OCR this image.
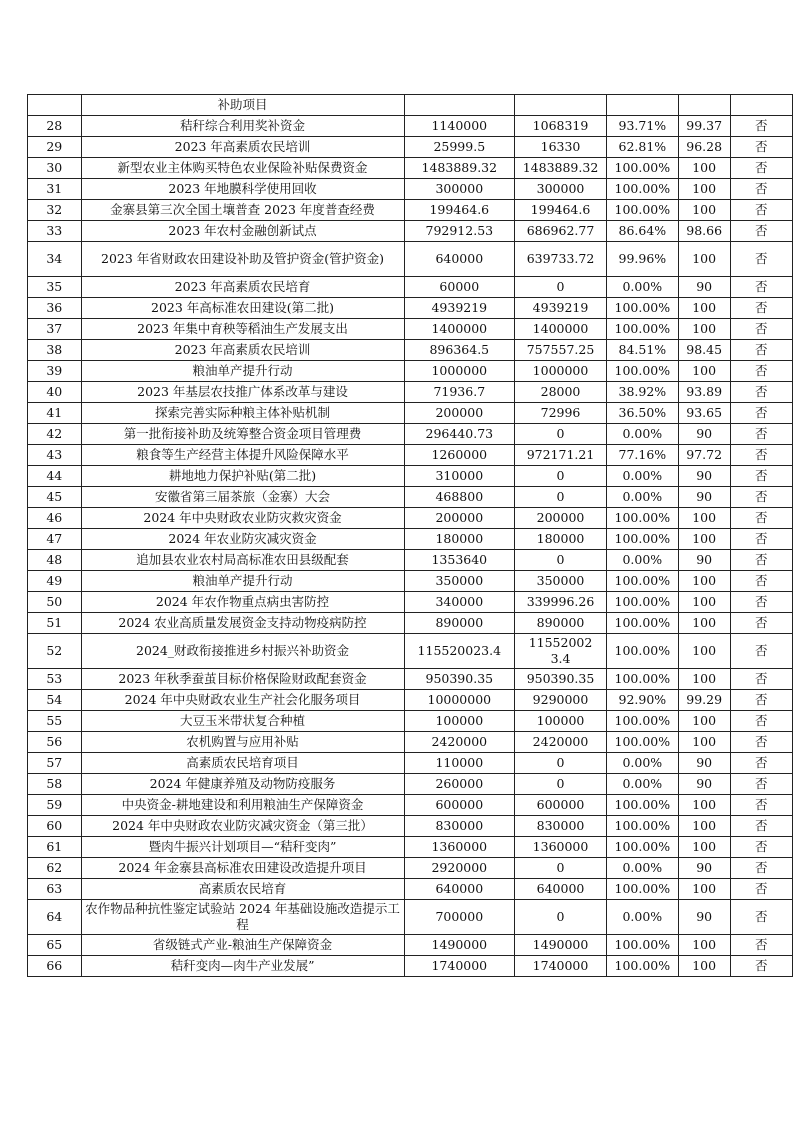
	补助项目					
28	秸秆综合利用奖补资金	1140000	1068319	93.71%	99.37	否
29	2023 年高素质农民培训	25999.5	16330	62.81%	96.28	否
30	新型农业主体购买特色农业保险补贴保费资金	1483889.32	1483889.32	100.00%	100	否
31	2023 年地膜科学使用回收	300000	300000	100.00%	100	否
32	金寨县第三次全国土壤普查 2023 年度普查经费	199464.6	199464.6	100.00%	100	否
33	2023 年农村金融创新试点	792912.53	686962.77	86.64%	98.66	否
34	2023 年省财政农田建设补助及管护资金(管护资金)	640000	639733.72	99.96%	100	否
35	2023 年高素质农民培育	60000	0	0.00%	90	否
36	2023 年高标准农田建设(第二批)	4939219	4939219	100.00%	100	否
37	2023 年集中育秧等稻油生产发展支出	1400000	1400000	100.00%	100	否
38	2023 年高素质农民培训	896364.5	757557.25	84.51%	98.45	否
39	粮油单产提升行动	1000000	1000000	100.00%	100	否
40	2023 年基层农技推广体系改革与建设	71936.7	28000	38.92%	93.89	否
41	探索完善实际种粮主体补贴机制	200000	72996	36.50%	93.65	否
42	第一批衔接补助及统筹整合资金项目管理费	296440.73	0	0.00%	90	否
43	粮食等生产经营主体提升风险保障水平	1260000	972171.21	77.16%	97.72	否
44	耕地地力保护补贴(第二批)	310000	0	0.00%	90	否
45	安徽省第三届茶旅（金寨）大会	468800	0	0.00%	90	否
46	2024 年中央财政农业防灾救灾资金	200000	200000	100.00%	100	否
47	2024 年农业防灾减灾资金	180000	180000	100.00%	100	否
48	追加县农业农村局高标准农田县级配套	1353640	0	0.00%	90	否
49	粮油单产提升行动	350000	350000	100.00%	100	否
50	2024 年农作物重点病虫害防控	340000	339996.26	100.00%	100	否
51	2024 农业高质量发展资金支持动物疫病防控	890000	890000	100.00%	100	否
52	2024_财政衔接推进乡村振兴补助资金	115520023.4	115520023.4	100.00%	100	否
53	2023 年秋季蚕茧目标价格保险财政配套资金	950390.35	950390.35	100.00%	100	否
54	2024 年中央财政农业生产社会化服务项目	10000000	9290000	92.90%	99.29	否
55	大豆玉米带状复合种植	100000	100000	100.00%	100	否
56	农机购置与应用补贴	2420000	2420000	100.00%	100	否
57	高素质农民培育项目	110000	0	0.00%	90	否
58	2024 年健康养殖及动物防疫服务	260000	0	0.00%	90	否
59	中央资金-耕地建设和利用粮油生产保障资金	600000	600000	100.00%	100	否
60	2024 年中央财政农业防灾减灾资金（第三批）	830000	830000	100.00%	100	否
61	暨肉牛振兴计划项目—“秸秆变肉”	1360000	1360000	100.00%	100	否
62	2024 年金寨县高标准农田建设改造提升项目	2920000	0	0.00%	90	否
63	高素质农民培育	640000	640000	100.00%	100	否
64	农作物品种抗性鉴定试验站 2024 年基础设施改造提示工程	700000	0	0.00%	90	否
65	省级链式产业-粮油生产保障资金	1490000	1490000	100.00%	100	否
66	秸秆变肉—肉牛产业发展”	1740000	1740000	100.00%	100	否
